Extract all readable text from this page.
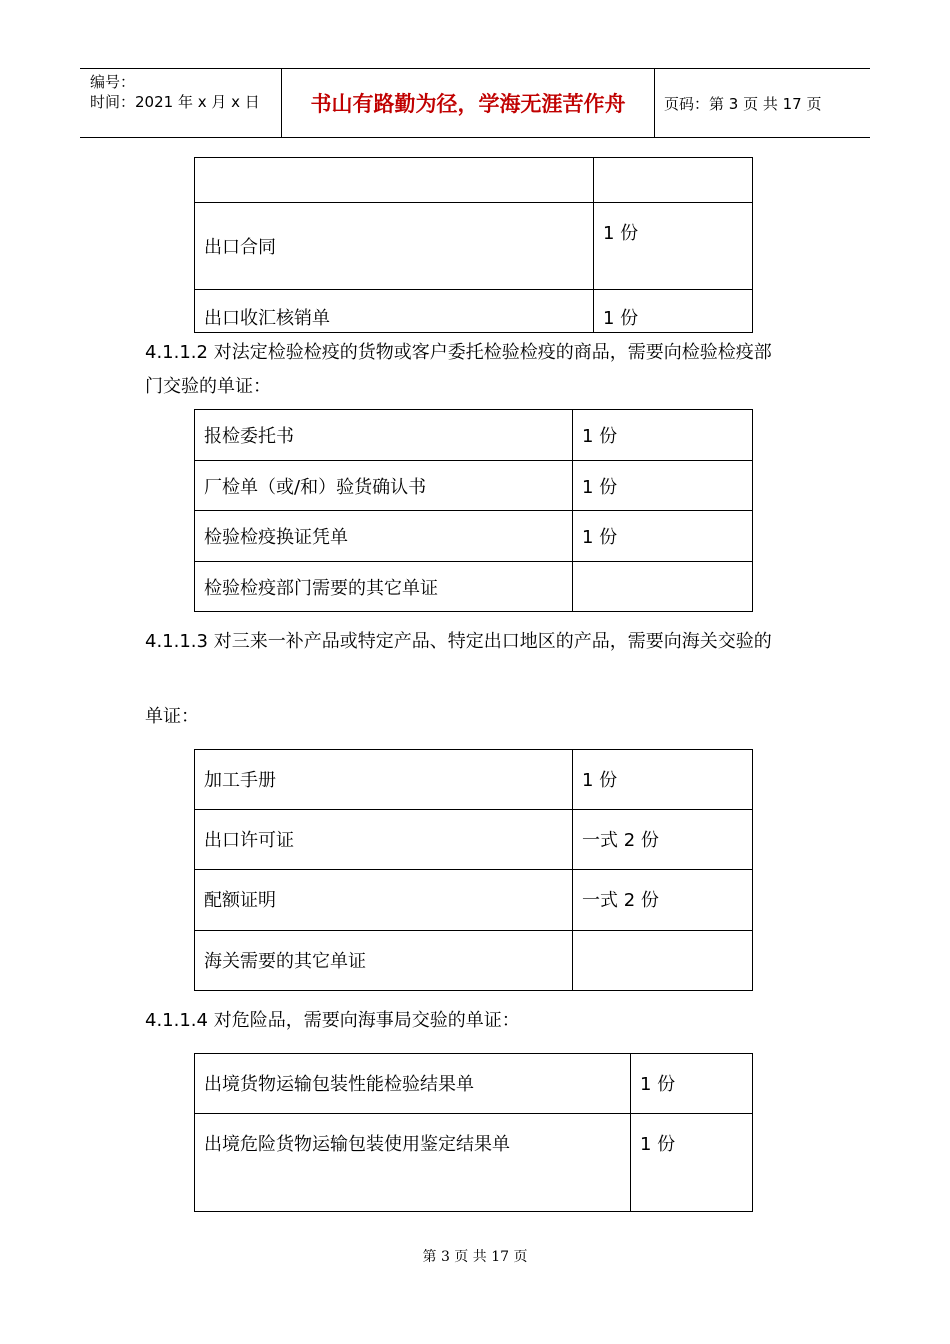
编号：
时间：2021 年 x 月 x 日	书山有路勤为径，学海无涯苦作舟	页码：第 3 页 共 17 页

出口合同	1 份
出口收汇核销单	1 份
4.1.1.2 对法定检验检疫的货物或客户委托检验检疫的商品，需要向检验检疫部
门交验的单证：
报检委托书	1 份
厂检单（或/和）验货确认书	1 份
检验检疫换证凭单	1 份
检验检疫部门需要的其它单证	
4.1.1.3 对三来一补产品或特定产品、特定出口地区的产品，需要向海关交验的
单证：
加工手册	1 份
出口许可证	一式 2 份
配额证明	一式 2 份
海关需要的其它单证	
4.1.1.4 对危险品，需要向海事局交验的单证：
出境货物运输包装性能检验结果单	1 份
出境危险货物运输包装使用鉴定结果单	1 份
第 3 页 共 17 页
